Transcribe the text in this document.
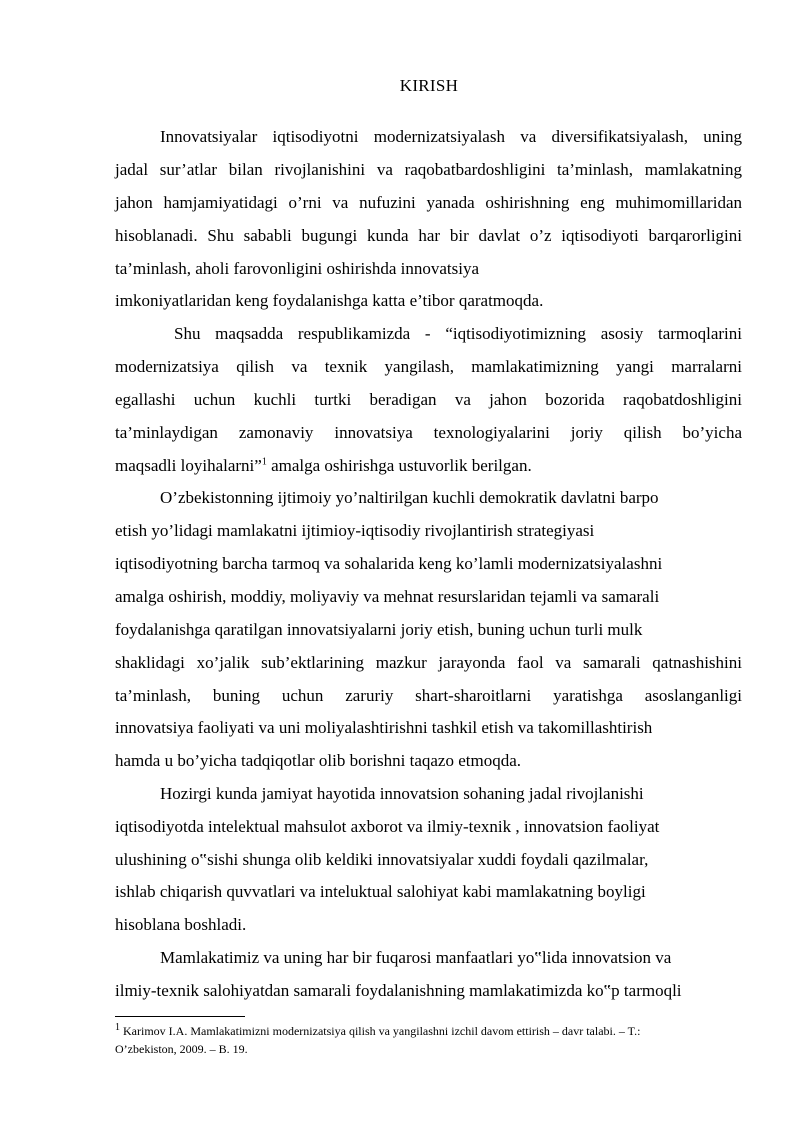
KIRISH
Innovatsiyalar iqtisodiyotni modernizatsiyalash va diversifikatsiyalash, uning
jadal sur’atlar bilan rivojlanishini va raqobatbardoshligini ta’minlash, mamlakatning
jahon hamjamiyatidagi o’rni va nufuzini yanada oshirishning eng muhimomillaridan
hisoblanadi. Shu sababli bugungi kunda har bir davlat o’z iqtisodiyoti barqarorligini
ta’minlash, aholi farovonligini oshirishda innovatsiya
imkoniyatlaridan keng foydalanishga katta e’tibor qaratmoqda.
Shu maqsadda respublikamizda - “iqtisodiyotimizning asosiy tarmoqlarini
modernizatsiya qilish va texnik yangilash, mamlakatimizning yangi marralarni
egallashi uchun kuchli turtki beradigan va jahon bozorida raqobatdoshligini
ta’minlaydigan zamonaviy innovatsiya texnologiyalarini joriy qilish bo’yicha
maqsadli loyihalarni”$^1$ amalga oshirishga ustuvorlik berilgan.
O’zbekistonning ijtimoiy yo’naltirilgan kuchli demokratik davlatni barpo
etish yo’lidagi mamlakatni ijtimioy-iqtisodiy rivojlantirish strategiyasi
iqtisodiyotning barcha tarmoq va sohalarida keng ko’lamli modernizatsiyalashni
amalga oshirish, moddiy, moliyaviy va mehnat resurslaridan tejamli va samarali
foydalanishga qaratilgan innovatsiyalarni joriy etish, buning uchun turli mulk
shaklidagi xo’jalik sub’ektlarining mazkur jarayonda faol va samarali qatnashishini
ta’minlash, buning uchun zaruriy shart-sharoitlarni yaratishga asoslanganligi
innovatsiya faoliyati va uni moliyalashtirishni tashkil etish va takomillashtirish
hamda u bo’yicha tadqiqotlar olib borishni taqazo etmoqda.
Hozirgi kunda jamiyat hayotida innovatsion sohaning jadal rivojlanishi
iqtisodiyotda intelektual mahsulot axborot va ilmiy-texnik , innovatsion faoliyat
ulushining o‟sishi shunga olib keldiki innovatsiyalar xuddi foydali qazilmalar,
ishlab chiqarish quvvatlari va inteluktual salohiyat kabi mamlakatning boyligi
hisoblana boshladi.
Mamlakatimiz va uning har bir fuqarosi manfaatlari yo‟lida innovatsion va
ilmiy-texnik salohiyatdan samarali foydalanishning mamlakatimizda ko‟p tarmoqli
$^1$ Karimov I.A. Mamlakatimizni modernizatsiya qilish va yangilashni izchil davom ettirish – davr talabi. – T.:
O’zbekiston, 2009. – B. 19.
